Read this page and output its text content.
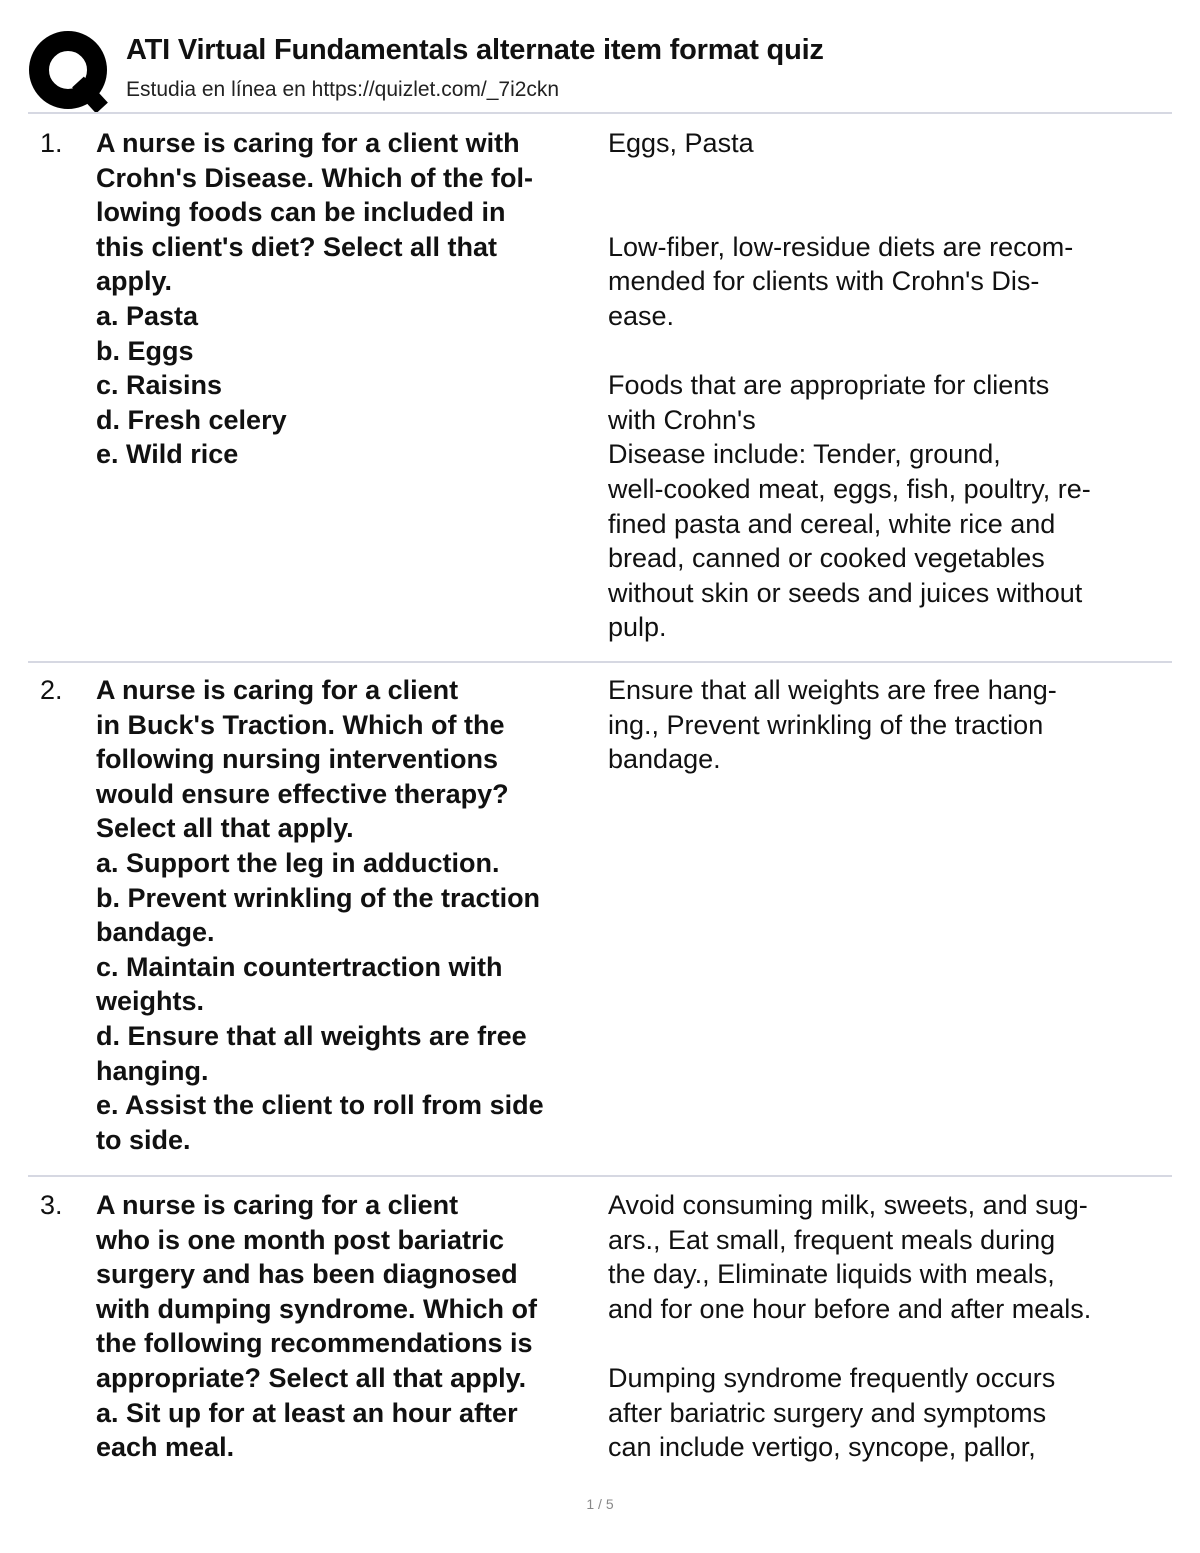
ATI Virtual Fundamentals alternate item format quiz
Estudia en línea en https://quizlet.com/_7i2ckn
1. A nurse is caring for a client with
Crohn's Disease. Which of the fol-
lowing foods can be included in
this client's diet? Select all that
apply.
a. Pasta
b. Eggs
c. Raisins
d. Fresh celery
e. Wild rice
Eggs, Pasta
Low-fiber, low-residue diets are recom-
mended for clients with Crohn's Dis-
ease.
Foods that are appropriate for clients
with Crohn's
Disease include: Tender, ground,
well-cooked meat, eggs, fish, poultry, re-
fined pasta and cereal, white rice and
bread, canned or cooked vegetables
without skin or seeds and juices without
pulp.
2. A nurse is caring for a client
in Buck's Traction. Which of the
following nursing interventions
would ensure effective therapy?
Select all that apply.
a. Support the leg in adduction.
b. Prevent wrinkling of the traction
bandage.
c. Maintain countertraction with
weights.
d. Ensure that all weights are free
hanging.
e. Assist the client to roll from side
to side.
Ensure that all weights are free hang-
ing., Prevent wrinkling of the traction
bandage.
3. A nurse is caring for a client
who is one month post bariatric
surgery and has been diagnosed
with dumping syndrome. Which of
the following recommendations is
appropriate? Select all that apply.
a. Sit up for at least an hour after
each meal.
Avoid consuming milk, sweets, and sug-
ars., Eat small, frequent meals during
the day., Eliminate liquids with meals,
and for one hour before and after meals.
Dumping syndrome frequently occurs
after bariatric surgery and symptoms
can include vertigo, syncope, pallor,
1 / 5
